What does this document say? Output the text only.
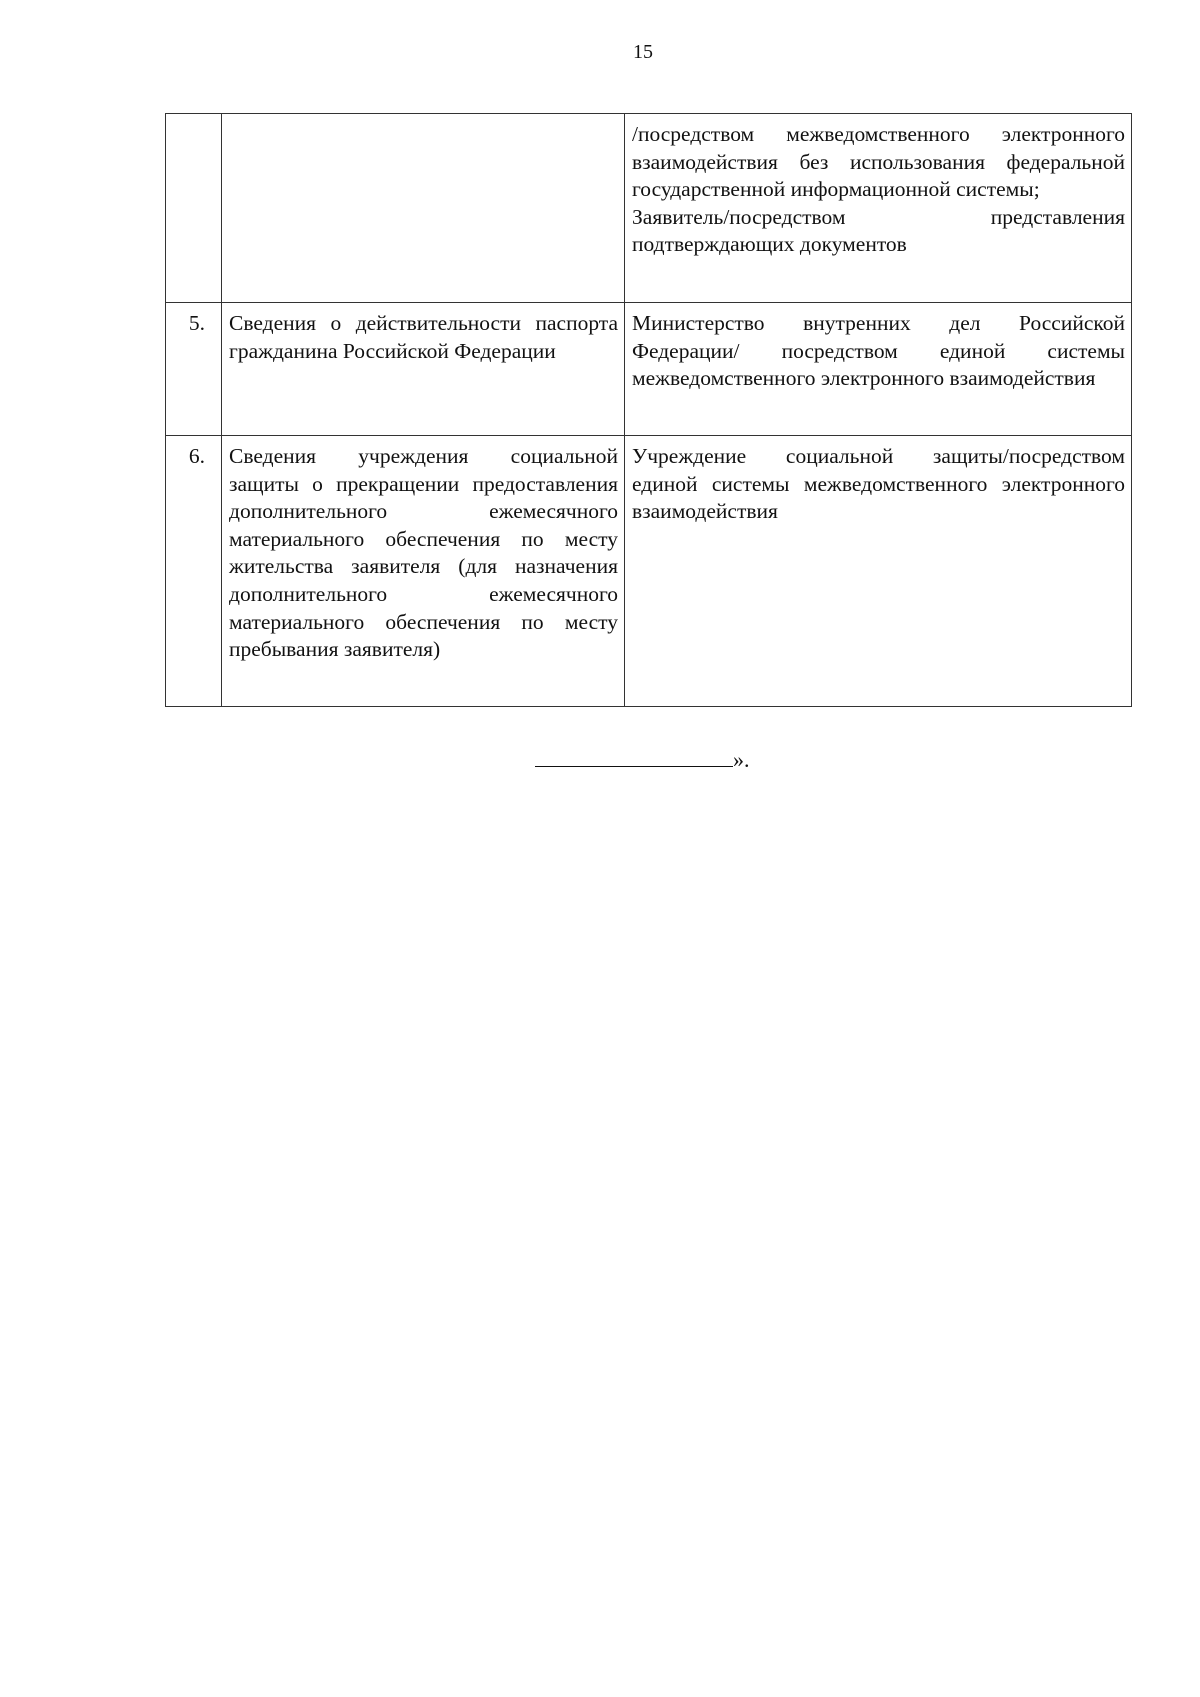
15

		/посредством межведомственного электронного взаимодействия без использования федеральной государственной информационной системы;
Заявитель/посредством представления подтверждающих документов

5.	Сведения о действительности паспорта гражданина Российской Федерации	Министерство внутренних дел Российской Федерации/ посредством единой системы межведомственного электронного взаимодействия

6.	Сведения учреждения социальной защиты о прекращении предоставления дополнительного ежемесячного материального обеспечения по месту жительства заявителя (для назначения дополнительного ежемесячного материального обеспечения по месту пребывания заявителя)	Учреждение социальной защиты/посредством единой системы межведомственного электронного взаимодействия
».
